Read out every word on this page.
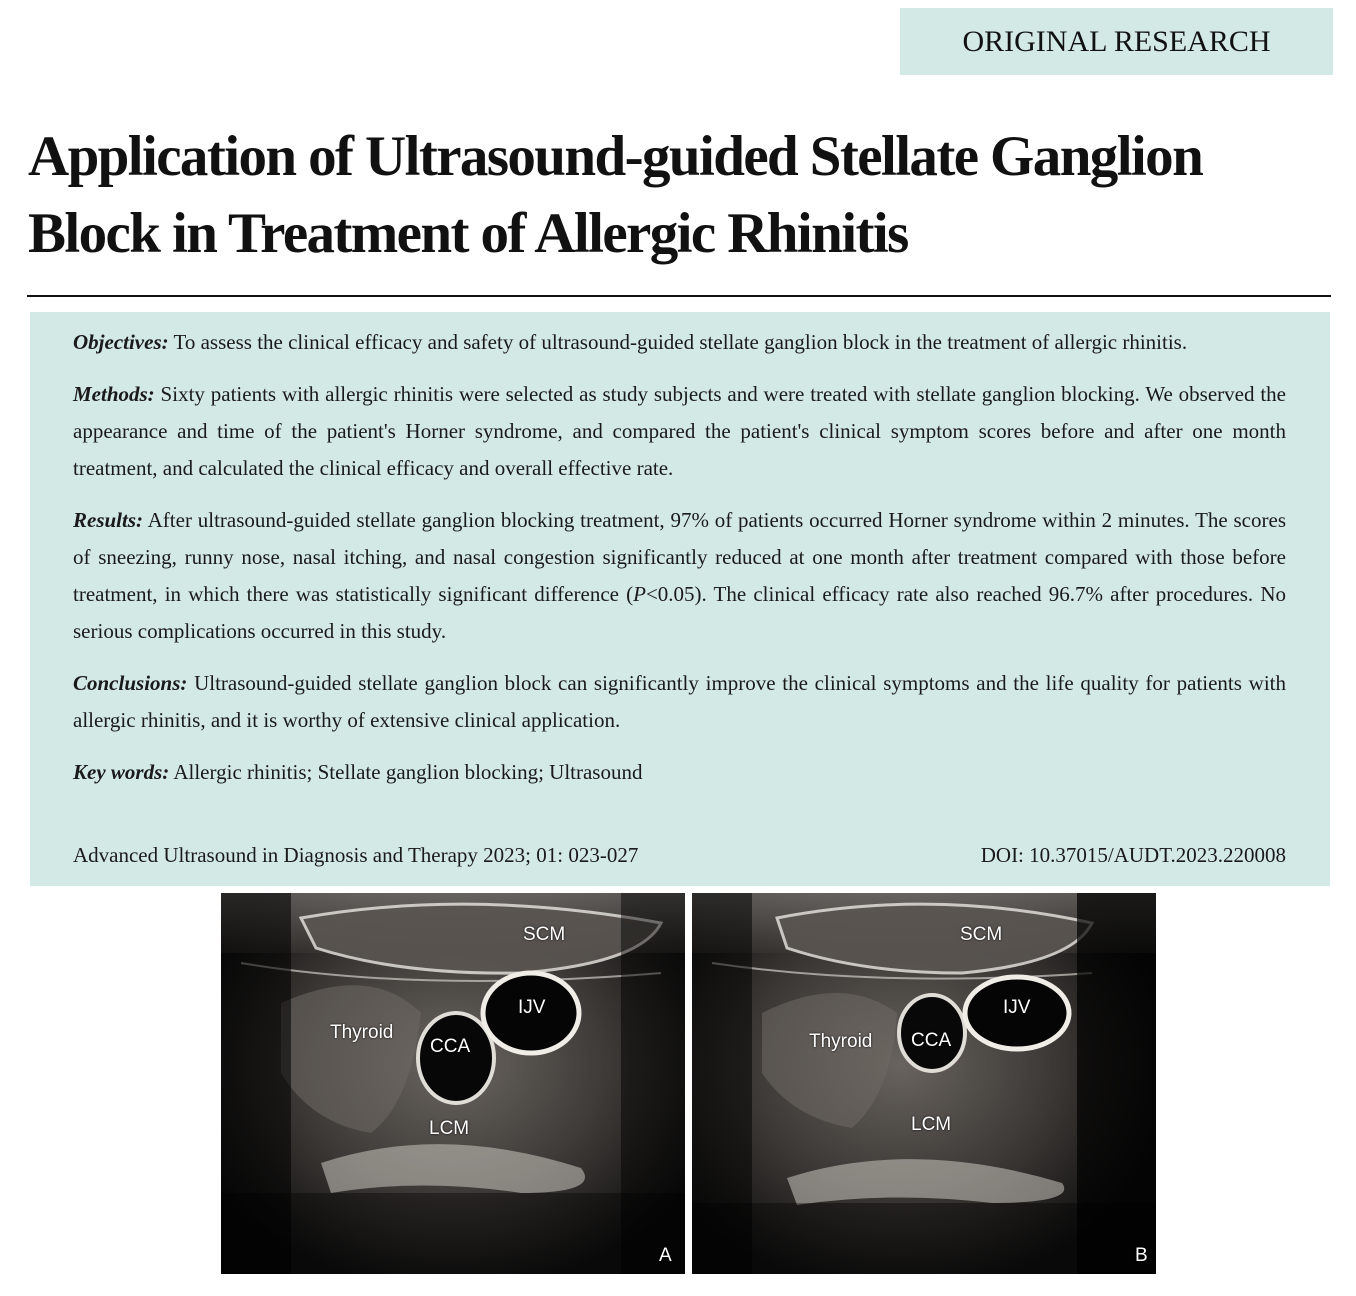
ORIGINAL RESEARCH
Application of Ultrasound-guided Stellate Ganglion
Block in Treatment of Allergic Rhinitis

Objectives: To assess the clinical efficacy and safety of ultrasound-guided stellate ganglion block in the treatment of allergic rhinitis.

Methods: Sixty patients with allergic rhinitis were selected as study subjects and were treated with stellate ganglion blocking. We observed the appearance and time of the patient's Horner syndrome, and compared the patient's clinical symptom scores before and after one month treatment, and calculated the clinical efficacy and overall effective rate.

Results: After ultrasound-guided stellate ganglion blocking treatment, 97% of patients occurred Horner syndrome within 2 minutes. The scores of sneezing, runny nose, nasal itching, and nasal congestion significantly reduced at one month after treatment compared with those before treatment, in which there was statistically significant difference (P<0.05). The clinical efficacy rate also reached 96.7% after procedures. No serious complications occurred in this study.

Conclusions: Ultrasound-guided stellate ganglion block can significantly improve the clinical symptoms and the life quality for patients with allergic rhinitis, and it is worthy of extensive clinical application.

Key words: Allergic rhinitis; Stellate ganglion blocking; Ultrasound

Advanced Ultrasound in Diagnosis and Therapy 2023; 01: 023-027	DOI: 10.37015/AUDT.2023.220008
SCM
IJV
Thyroid
CCA
LCM
A
SCM
IJV
Thyroid CCA
LCM
B
